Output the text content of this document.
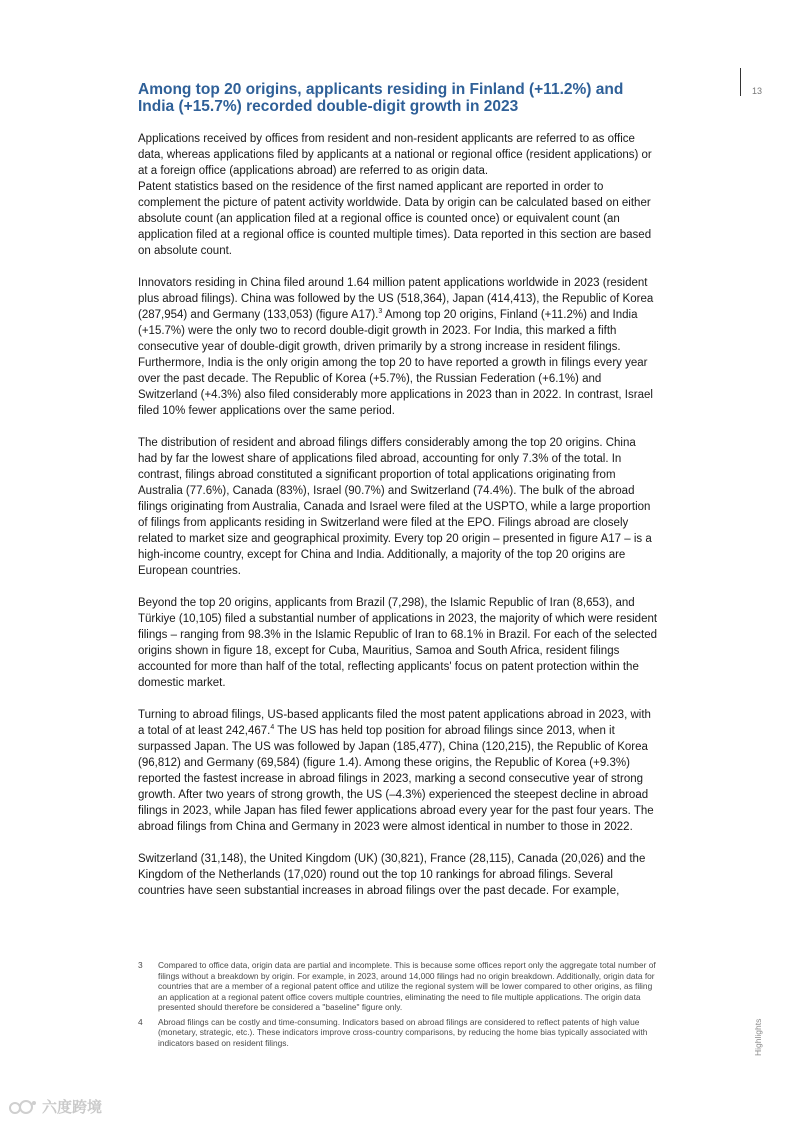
13
Among top 20 origins, applicants residing in Finland (+11.2%) and India (+15.7%) recorded double-digit growth in 2023

Applications received by offices from resident and non-resident applicants are referred to as office data, whereas applications filed by applicants at a national or regional office (resident applications) or at a foreign office (applications abroad) are referred to as origin data.

Patent statistics based on the residence of the first named applicant are reported in order to complement the picture of patent activity worldwide. Data by origin can be calculated based on either absolute count (an application filed at a regional office is counted once) or equivalent count (an application filed at a regional office is counted multiple times). Data reported in this section are based on absolute count.

Innovators residing in China filed around 1.64 million patent applications worldwide in 2023 (resident plus abroad filings). China was followed by the US (518,364), Japan (414,413), the Republic of Korea (287,954) and Germany (133,053) (figure A17).$^3$ Among top 20 origins, Finland (+11.2%) and India (+15.7%) were the only two to record double-digit growth in 2023. For India, this marked a fifth consecutive year of double-digit growth, driven primarily by a strong increase in resident filings. Furthermore, India is the only origin among the top 20 to have reported a growth in filings every year over the past decade. The Republic of Korea (+5.7%), the Russian Federation (+6.1%) and Switzerland (+4.3%) also filed considerably more applications in 2023 than in 2022. In contrast, Israel filed 10% fewer applications over the same period.

The distribution of resident and abroad filings differs considerably among the top 20 origins. China had by far the lowest share of applications filed abroad, accounting for only 7.3% of the total. In contrast, filings abroad constituted a significant proportion of total applications originating from Australia (77.6%), Canada (83%), Israel (90.7%) and Switzerland (74.4%). The bulk of the abroad filings originating from Australia, Canada and Israel were filed at the USPTO, while a large proportion of filings from applicants residing in Switzerland were filed at the EPO. Filings abroad are closely related to market size and geographical proximity. Every top 20 origin – presented in figure A17 – is a high-income country, except for China and India. Additionally, a majority of the top 20 origins are European countries.

Beyond the top 20 origins, applicants from Brazil (7,298), the Islamic Republic of Iran (8,653), and Türkiye (10,105) filed a substantial number of applications in 2023, the majority of which were resident filings – ranging from 98.3% in the Islamic Republic of Iran to 68.1% in Brazil. For each of the selected origins shown in figure 18, except for Cuba, Mauritius, Samoa and South Africa, resident filings accounted for more than half of the total, reflecting applicants' focus on patent protection within the domestic market.

Turning to abroad filings, US-based applicants filed the most patent applications abroad in 2023, with a total of at least 242,467.$^4$ The US has held top position for abroad filings since 2013, when it surpassed Japan. The US was followed by Japan (185,477), China (120,215), the Republic of Korea (96,812) and Germany (69,584) (figure 1.4). Among these origins, the Republic of Korea (+9.3%) reported the fastest increase in abroad filings in 2023, marking a second consecutive year of strong growth. After two years of strong growth, the US (–4.3%) experienced the steepest decline in abroad filings in 2023, while Japan has filed fewer applications abroad every year for the past four years. The abroad filings from China and Germany in 2023 were almost identical in number to those in 2022.

Switzerland (31,148), the United Kingdom (UK) (30,821), France (28,115), Canada (20,026) and the Kingdom of the Netherlands (17,020) round out the top 10 rankings for abroad filings. Several countries have seen substantial increases in abroad filings over the past decade. For example,

3	Compared to office data, origin data are partial and incomplete. This is because some offices report only the aggregate total number of filings without a breakdown by origin. For example, in 2023, around 14,000 filings had no origin breakdown. Additionally, origin data for countries that are a member of a regional patent office and utilize the regional system will be lower compared to other origins, as filing an application at a regional patent office covers multiple countries, eliminating the need to file multiple applications. The origin data presented should therefore be considered a "baseline" figure only.
4	Abroad filings can be costly and time-consuming. Indicators based on abroad filings are considered to reflect patents of high value (monetary, strategic, etc.). These indicators improve cross-country comparisons, by reducing the home bias typically associated with indicators based on resident filings.	Highlights
六度跨境
